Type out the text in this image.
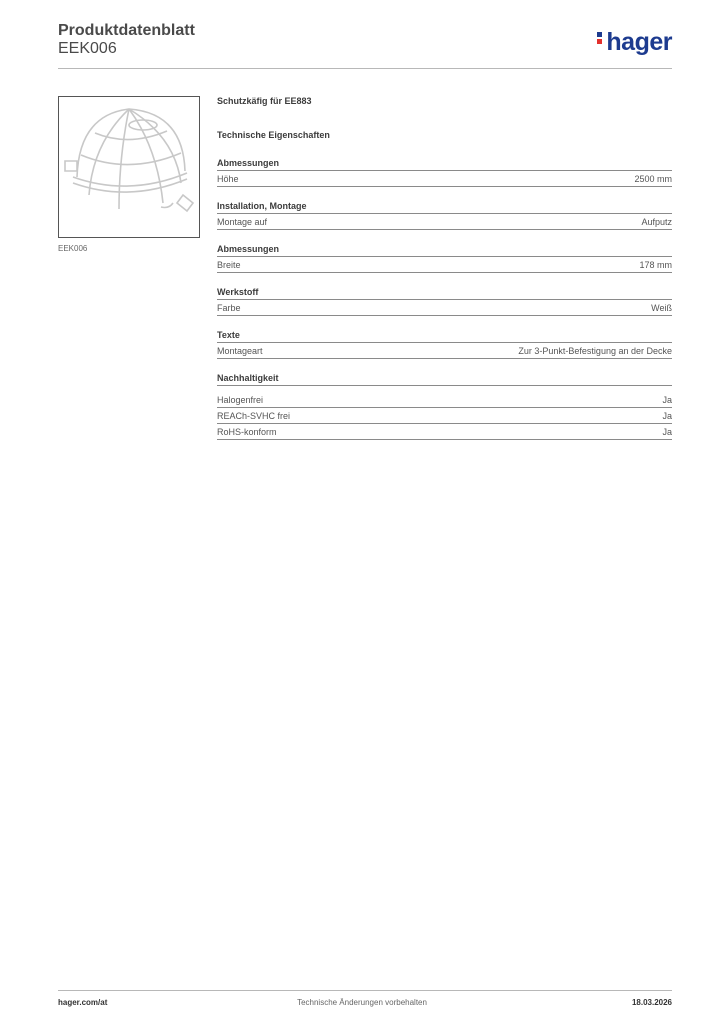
Produktdatenblatt
EEK006	hager
EEK006
Schutzkäfig für EE883
Technische Eigenschaften
Abmessungen
Höhe	2500 mm
Installation, Montage
Montage auf	Aufputz
Abmessungen
Breite	178 mm
Werkstoff
Farbe	Weiß
Texte
Montageart	Zur 3-Punkt-Befestigung an der Decke
Nachhaltigkeit
Halogenfrei	Ja
REACh-SVHC frei	Ja
RoHS-konform	Ja
hager.com/at	Technische Änderungen vorbehalten	18.03.2026
